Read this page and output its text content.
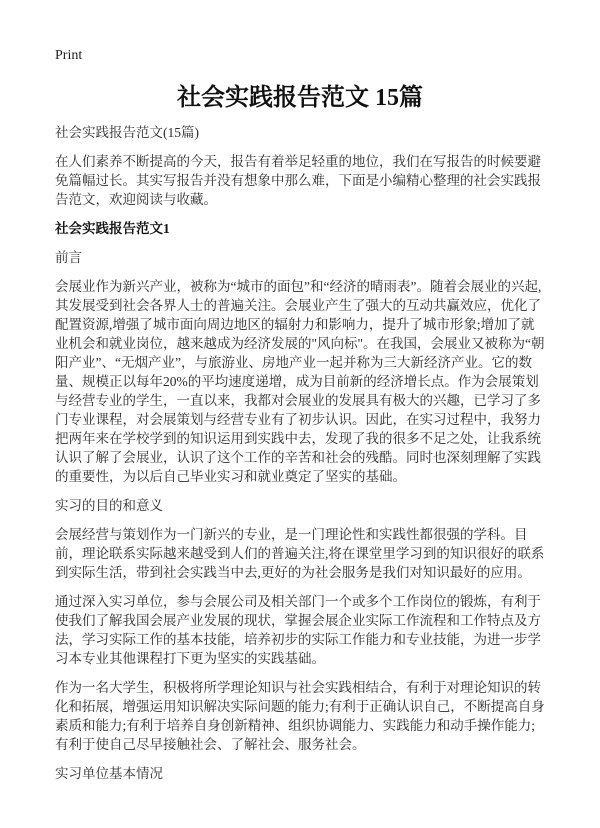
Print
社会实践报告范文 15篇

社会实践报告范文(15篇)

在人们素养不断提高的今天，报告有着举足轻重的地位，我们在写报告的时候要避免篇幅过长。其实写报告并没有想象中那么难，下面是小编精心整理的社会实践报告范文，欢迎阅读与收藏。

社会实践报告范文1

前言

会展业作为新兴产业，被称为“城市的面包”和“经济的晴雨表”。随着会展业的兴起,其发展受到社会各界人士的普遍关注。会展业产生了强大的互动共赢效应，优化了配置资源,增强了城市面向周边地区的辐射力和影响力，提升了城市形象;增加了就业机会和就业岗位，越来越成为经济发展的"风向标"。在我国，会展业又被称为“朝阳产业”、“无烟产业”，与旅游业、房地产业一起并称为三大新经济产业。它的数量、规模正以每年20%的平均速度递增，成为目前新的经济增长点。作为会展策划与经营专业的学生，一直以来，我都对会展业的发展具有极大的兴趣，已学习了多门专业课程，对会展策划与经营专业有了初步认识。因此，在实习过程中，我努力把两年来在学校学到的知识运用到实践中去，发现了我的很多不足之处，让我系统认识了解了会展业，认识了这个工作的辛苦和社会的残酷。同时也深刻理解了实践的重要性，为以后自己毕业实习和就业奠定了坚实的基础。

实习的目的和意义

会展经营与策划作为一门新兴的专业，是一门理论性和实践性都很强的学科。目前，理论联系实际越来越受到人们的普遍关注,将在课堂里学习到的知识很好的联系到实际生活，带到社会实践当中去,更好的为社会服务是我们对知识最好的应用。

通过深入实习单位，参与会展公司及相关部门一个或多个工作岗位的锻炼，有利于使我们了解我国会展产业发展的现状，掌握会展企业实际工作流程和工作特点及方法，学习实际工作的基本技能，培养初步的实际工作能力和专业技能，为进一步学习本专业其他课程打下更为坚实的实践基础。

作为一名大学生，积极将所学理论知识与社会实践相结合，有利于对理论知识的转化和拓展，增强运用知识解决实际问题的能力;有利于正确认识自己，不断提高自身素质和能力;有利于培养自身创新精神、组织协调能力、实践能力和动手操作能力;有利于使自己尽早接触社会、了解社会、服务社会。

实习单位基本情况
